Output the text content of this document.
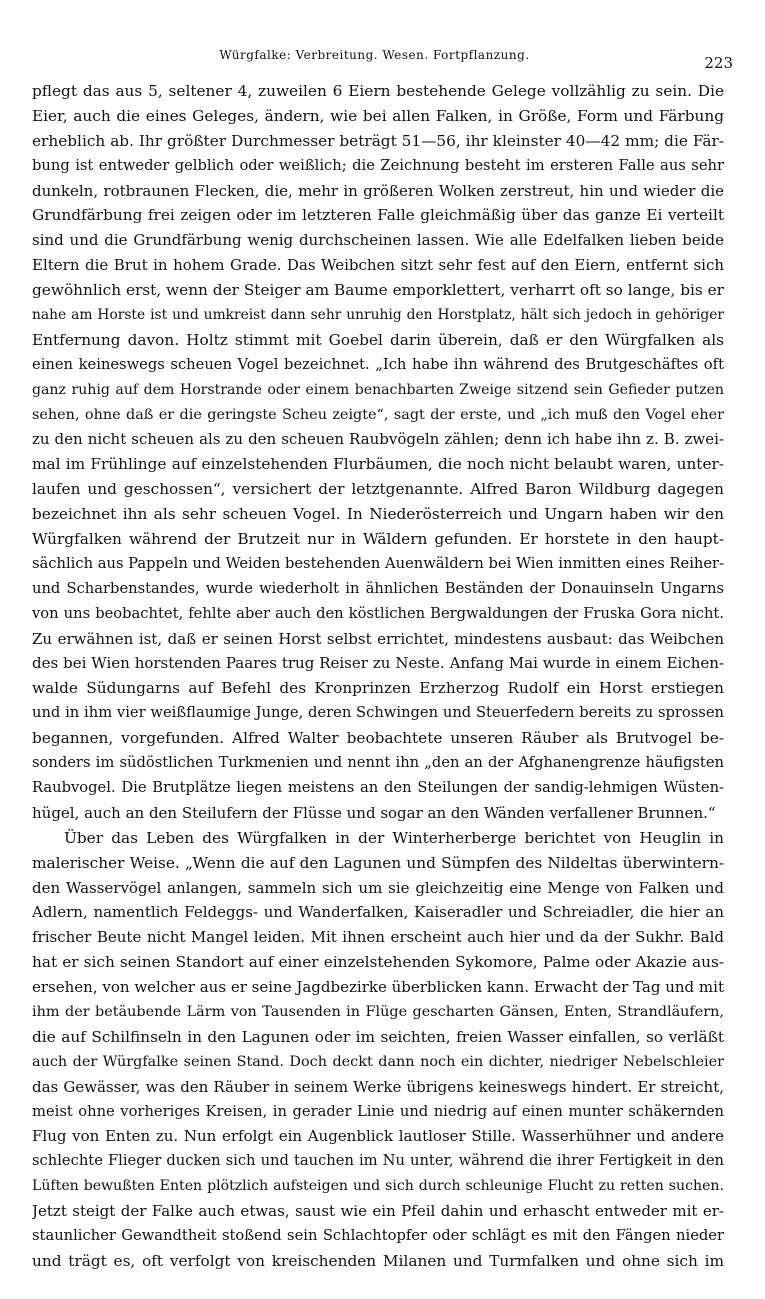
Würgfalke: Verbreitung. Wesen. Fortpflanzung.	223
pflegt das aus 5, seltener 4, zuweilen 6 Eiern bestehende Gelege vollzählig zu sein. Die
Eier, auch die eines Geleges, ändern, wie bei allen Falken, in Größe, Form und Färbung
erheblich ab. Ihr größter Durchmesser beträgt 51—56, ihr kleinster 40—42 mm; die Fär-
bung ist entweder gelblich oder weißlich; die Zeichnung besteht im ersteren Falle aus sehr
dunkeln, rotbraunen Flecken, die, mehr in größeren Wolken zerstreut, hin und wieder die
Grundfärbung frei zeigen oder im letzteren Falle gleichmäßig über das ganze Ei verteilt
sind und die Grundfärbung wenig durchscheinen lassen. Wie alle Edelfalken lieben beide
Eltern die Brut in hohem Grade. Das Weibchen sitzt sehr fest auf den Eiern, entfernt sich
gewöhnlich erst, wenn der Steiger am Baume emporklettert, verharrt oft so lange, bis er
nahe am Horste ist und umkreist dann sehr unruhig den Horstplatz, hält sich jedoch in gehöriger
Entfernung davon. Holtz stimmt mit Goebel darin überein, daß er den Würgfalken als
einen keineswegs scheuen Vogel bezeichnet. „Ich habe ihn während des Brutgeschäftes oft
ganz ruhig auf dem Horstrande oder einem benachbarten Zweige sitzend sein Gefieder putzen
sehen, ohne daß er die geringste Scheu zeigte“, sagt der erste, und „ich muß den Vogel eher
zu den nicht scheuen als zu den scheuen Raubvögeln zählen; denn ich habe ihn z. B. zwei-
mal im Frühlinge auf einzelstehenden Flurbäumen, die noch nicht belaubt waren, unter-
laufen und geschossen“, versichert der letztgenannte. Alfred Baron Wildburg dagegen
bezeichnet ihn als sehr scheuen Vogel. In Niederösterreich und Ungarn haben wir den
Würgfalken während der Brutzeit nur in Wäldern gefunden. Er horstete in den haupt-
sächlich aus Pappeln und Weiden bestehenden Auenwäldern bei Wien inmitten eines Reiher-
und Scharbenstandes, wurde wiederholt in ähnlichen Beständen der Donauinseln Ungarns
von uns beobachtet, fehlte aber auch den köstlichen Bergwaldungen der Fruska Gora nicht.
Zu erwähnen ist, daß er seinen Horst selbst errichtet, mindestens ausbaut: das Weibchen
des bei Wien horstenden Paares trug Reiser zu Neste. Anfang Mai wurde in einem Eichen-
walde Südungarns auf Befehl des Kronprinzen Erzherzog Rudolf ein Horst erstiegen
und in ihm vier weißflaumige Junge, deren Schwingen und Steuerfedern bereits zu sprossen
begannen, vorgefunden. Alfred Walter beobachtete unseren Räuber als Brutvogel be-
sonders im südöstlichen Turkmenien und nennt ihn „den an der Afghanengrenze häufigsten
Raubvogel. Die Brutplätze liegen meistens an den Steilungen der sandig-lehmigen Wüsten-
hügel, auch an den Steilufern der Flüsse und sogar an den Wänden verfallener Brunnen.“
Über das Leben des Würgfalken in der Winterherberge berichtet von Heuglin in
malerischer Weise. „Wenn die auf den Lagunen und Sümpfen des Nildeltas überwintern-
den Wasservögel anlangen, sammeln sich um sie gleichzeitig eine Menge von Falken und
Adlern, namentlich Feldeggs- und Wanderfalken, Kaiseradler und Schreiadler, die hier an
frischer Beute nicht Mangel leiden. Mit ihnen erscheint auch hier und da der Sukhr. Bald
hat er sich seinen Standort auf einer einzelstehenden Sykomore, Palme oder Akazie aus-
ersehen, von welcher aus er seine Jagdbezirke überblicken kann. Erwacht der Tag und mit
ihm der betäubende Lärm von Tausenden in Flüge gescharten Gänsen, Enten, Strandläufern,
die auf Schilfinseln in den Lagunen oder im seichten, freien Wasser einfallen, so verläßt
auch der Würgfalke seinen Stand. Doch deckt dann noch ein dichter, niedriger Nebelschleier
das Gewässer, was den Räuber in seinem Werke übrigens keineswegs hindert. Er streicht,
meist ohne vorheriges Kreisen, in gerader Linie und niedrig auf einen munter schäkernden
Flug von Enten zu. Nun erfolgt ein Augenblick lautloser Stille. Wasserhühner und andere
schlechte Flieger ducken sich und tauchen im Nu unter, während die ihrer Fertigkeit in den
Lüften bewußten Enten plötzlich aufsteigen und sich durch schleunige Flucht zu retten suchen.
Jetzt steigt der Falke auch etwas, saust wie ein Pfeil dahin und erhascht entweder mit er-
staunlicher Gewandtheit stoßend sein Schlachtopfer oder schlägt es mit den Fängen nieder
und trägt es, oft verfolgt von kreischenden Milanen und Turmfalken und ohne sich im
